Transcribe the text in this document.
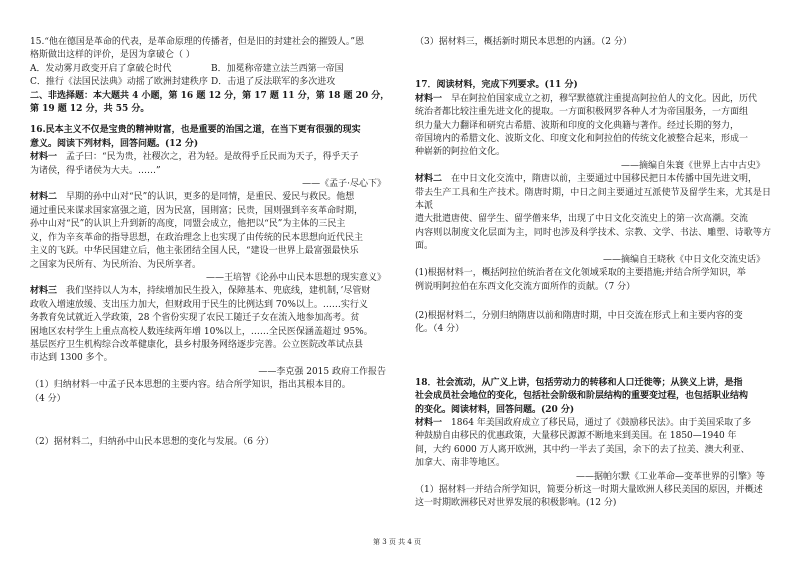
15.“他在德国是革命的代表，是革命原理的传播者，但是旧的封建社会的摧毁人。”恩
格斯做出这样的评价，是因为拿破仑（ ）

A．发动雾月政变开启了拿破仑时代	B．加冕称帝建立法兰西第一帝国
C．推行《法国民法典》动摇了欧洲封建秩序 D．击退了反法联军的多次进攻

二、非选择题：本大题共 4 小题，第 16 题 12 分，第 17 题 11 分，第 18 题 20 分，
第 19 题 12 分，共 55 分。

16.民本主义不仅是宝贵的精神财富，也是重要的治国之道，在当下更有很强的现实
意义。阅读下列材料，回答问题。(12 分)

材料一　 孟子曰：“民为贵，社稷次之，君为轻。是故得乎丘民而为天子，得乎天子
为诸侯，得乎诸侯为大夫。……”

——《孟子·尽心下》

材料二　 早期的孙中山对“民”的认识，更多的是同情，是重民、爱民与救民。他想
通过重民来谋求国家富强之道，因为民富，国則富；民贵，国则强到辛亥革命时期，
孙中山对“民”的认识上升到新的高度，同盟会成立，他把以“民”为主体的三民主
义，作为辛亥革命的指导思想，在政治理念上也实现了由传统的民本思想向近代民主
主义的飞跃。中华民国建立后，他主张团结全国人民，“建设一世界上最富强最快乐
之国家为民所有、为民所治、为民所享者。

——王培智《论孙中山民本思想的现实意义》

材料三　 我们坚持以人为本，持续增加民生投入，保障基本、兜底线，建机制，’尽管财
政收入增速放缓、支出压力加大，但财政用于民生的比例达到 70%以上。……实行义
务教育免试就近入学政策，28 个省份实现了农民工随迁子女在流入地参加高考。贫
困地区农村学生上重点高校人数连续两年增 10%以上，……全民医保涵盖超过 95%。
基层医疗卫生机构综合改革健康化，县乡村服务网络逐步完善。公立医院改革试点县
市达到 1300 多个。

——李克强 2015 政府工作报告

（1）归纳材料一中孟子民本思想的主要内容。结合所学知识，指出其根本目的。
（4 分）

（2）据材料二，归纳孙中山民本思想的变化与发展。（6 分）

（3）据材料三，概括新时期民本思想的内涵。（2 分）

17．阅读材料，完成下列要求。(11 分)

材料一　 早在阿拉伯国家成立之初，穆罕默德就注重提高阿拉伯人的文化。因此，历代
统治者都比较注重先进文化的提取。一方面积极网罗各种人才为帝国服务，一方面组
织力量大力翻译和研究古希腊、波斯和印度的文化典籍与著作。经过长期的努力，
帝国境内的希腊文化、波斯文化、印度文化和阿拉伯的传统文化被整合起来，形成一
种崭新的阿拉伯文化。

——摘编自朱寰《世界上古中古史》

材料二　 在中日文化交流中，隋唐以前，主要通过中国移民把日本传播中国先进文明，
带去生产工具和生产技术。隋唐时期，中日之间主要通过互派使节及留学生来，尤其是日本派
遣大批遣唐使、留学生、留学僧来华，出现了中日文化交流史上的第一次高潮。交流
内容则以制度文化层面为主，同时也涉及科学技术、宗教、文学、书法、雕塑、诗歌等方面。

——摘编自王晓秋《中日文化交流史话》

(1)根据材料一，概括阿拉伯统治者在文化领域采取的主要措施;并结合所学知识，举
例说明阿拉伯在东西文化交流方面所作的贡献。（7 分）

(2)根据材料二，分别归纳隋唐以前和隋唐时期，中日交流在形式上和主要内容的变
化。（4 分）

18．社会流动，从广义上讲，包括劳动力的转移和人口迁徙等；从狭义上讲，是指
社会成员社会地位的变化，包括社会阶级和阶层结构的重要变过程，也包括职业结构
的变化。阅读材料，回答问题。(20 分)

材料一　 1864 年美国政府成立了移民局，通过了《鼓励移民法》。由于美国采取了多
种鼓励自由移民的优惠政策，大量移民源源不断地来到美国。在 1850—1940 年
间，大约 6000 万人离开欧洲，其中约一半去了美国，余下的去了拉美、澳大利亚、
加拿大、南非等地区。

——据帕尔默《工业革命—变革世界的引擎》等

（1）据材料一并结合所学知识，简要分析这一时期大量欧洲人移民美国的原因，并概述
这一时期欧洲移民对世界发展的积极影响。(12 分)

第 3 页 共 4 页
